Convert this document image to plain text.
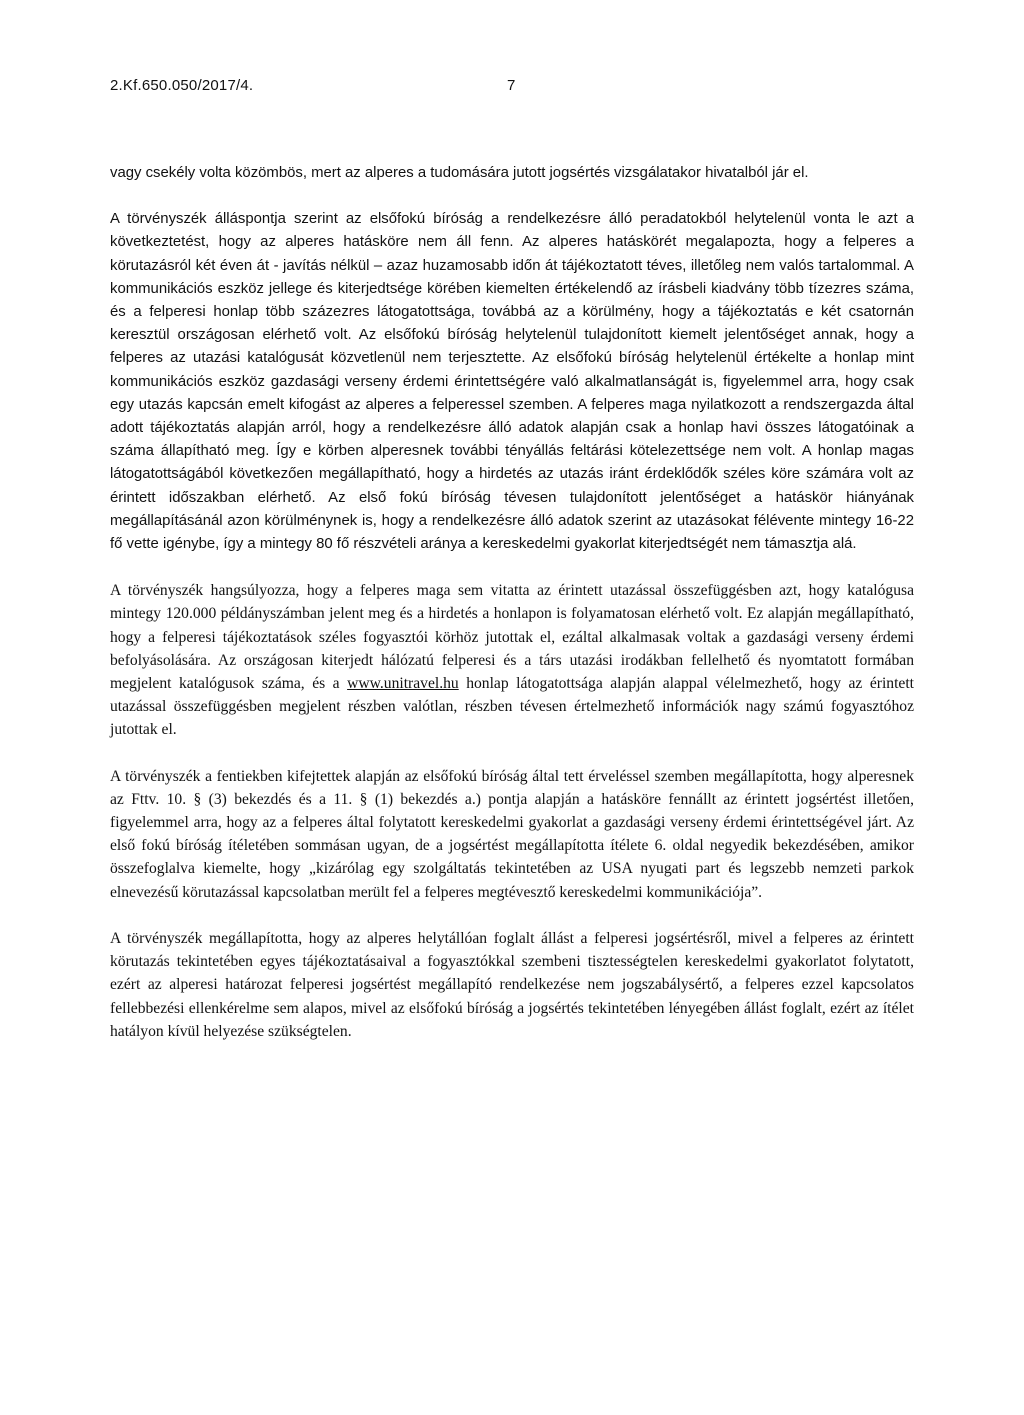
2.Kf.650.050/2017/4.	7

vagy csekély volta közömbös, mert az alperes a tudomására jutott jogsértés vizsgálatakor hivatalból jár el.

A törvényszék álláspontja szerint az elsőfokú bíróság a rendelkezésre álló peradatokból helytelenül vonta le azt a következtetést, hogy az alperes hatásköre nem áll fenn. Az alperes hatáskörét megalapozta, hogy a felperes a körutazásról két éven át - javítás nélkül – azaz huzamosabb időn át tájékoztatott téves, illetőleg nem valós tartalommal. A kommunikációs eszköz jellege és kiterjedtsége körében kiemelten értékelendő az írásbeli kiadvány több tízezres száma, és a felperesi honlap több százezres látogatottsága, továbbá az a körülmény, hogy a tájékoztatás e két csatornán keresztül országosan elérhető volt. Az elsőfokú bíróság helytelenül tulajdonított kiemelt jelentőséget annak, hogy a felperes az utazási katalógusát közvetlenül nem terjesztette. Az elsőfokú bíróság helytelenül értékelte a honlap mint kommunikációs eszköz gazdasági verseny érdemi érintettségére való alkalmatlanságát is, figyelemmel arra, hogy csak egy utazás kapcsán emelt kifogást az alperes a felperessel szemben. A felperes maga nyilatkozott a rendszergazda által adott tájékoztatás alapján arról, hogy a rendelkezésre álló adatok alapján csak a honlap havi összes látogatóinak a száma állapítható meg. Így e körben alperesnek további tényállás feltárási kötelezettsége nem volt. A honlap magas látogatottságából következően megállapítható, hogy a hirdetés az utazás iránt érdeklődők széles köre számára volt az érintett időszakban elérhető. Az első fokú bíróság tévesen tulajdonított jelentőséget a hatáskör hiányának megállapításánál azon körülménynek is, hogy a rendelkezésre álló adatok szerint az utazásokat félévente mintegy 16-22 fő vette igénybe, így a mintegy 80 fő részvételi aránya a kereskedelmi gyakorlat kiterjedtségét nem támasztja alá.

A törvényszék hangsúlyozza, hogy a felperes maga sem vitatta az érintett utazással összefüggésben azt, hogy katalógusa mintegy 120.000 példányszámban jelent meg és a hirdetés a honlapon is folyamatosan elérhető volt. Ez alapján megállapítható, hogy a felperesi tájékoztatások széles fogyasztói körhöz jutottak el, ezáltal alkalmasak voltak a gazdasági verseny érdemi befolyásolására. Az országosan kiterjedt hálózatú felperesi és a társ utazási irodákban fellelhető és nyomtatott formában megjelent katalógusok száma, és a www.unitravel.hu honlap látogatottsága alapján alappal vélelmezhető, hogy az érintett utazással összefüggésben megjelent részben valótlan, részben tévesen értelmezhető információk nagy számú fogyasztóhoz jutottak el.

A törvényszék a fentiekben kifejtettek alapján az elsőfokú bíróság által tett érveléssel szemben megállapította, hogy alperesnek az Fttv. 10. § (3) bekezdés és a 11. § (1) bekezdés a.) pontja alapján a hatásköre fennállt az érintett jogsértést illetően, figyelemmel arra, hogy az a felperes által folytatott kereskedelmi gyakorlat a gazdasági verseny érdemi érintettségével járt. Az első fokú bíróság ítéletében sommásan ugyan, de a jogsértést megállapította ítélete 6. oldal negyedik bekezdésében, amikor összefoglalva kiemelte, hogy „kizárólag egy szolgáltatás tekintetében az USA nyugati part és legszebb nemzeti parkok elnevezésű körutazással kapcsolatban merült fel a felperes megtévesztő kereskedelmi kommunikációja”.

A törvényszék megállapította, hogy az alperes helytállóan foglalt állást a felperesi jogsértésről, mivel a felperes az érintett körutazás tekintetében egyes tájékoztatásaival a fogyasztókkal szembeni tisztességtelen kereskedelmi gyakorlatot folytatott, ezért az alperesi határozat felperesi jogsértést megállapító rendelkezése nem jogszabálysértő, a felperes ezzel kapcsolatos fellebbezési ellenkérelme sem alapos, mivel az elsőfokú bíróság a jogsértés tekintetében lényegében állást foglalt, ezért az ítélet hatályon kívül helyezése szükségtelen.
